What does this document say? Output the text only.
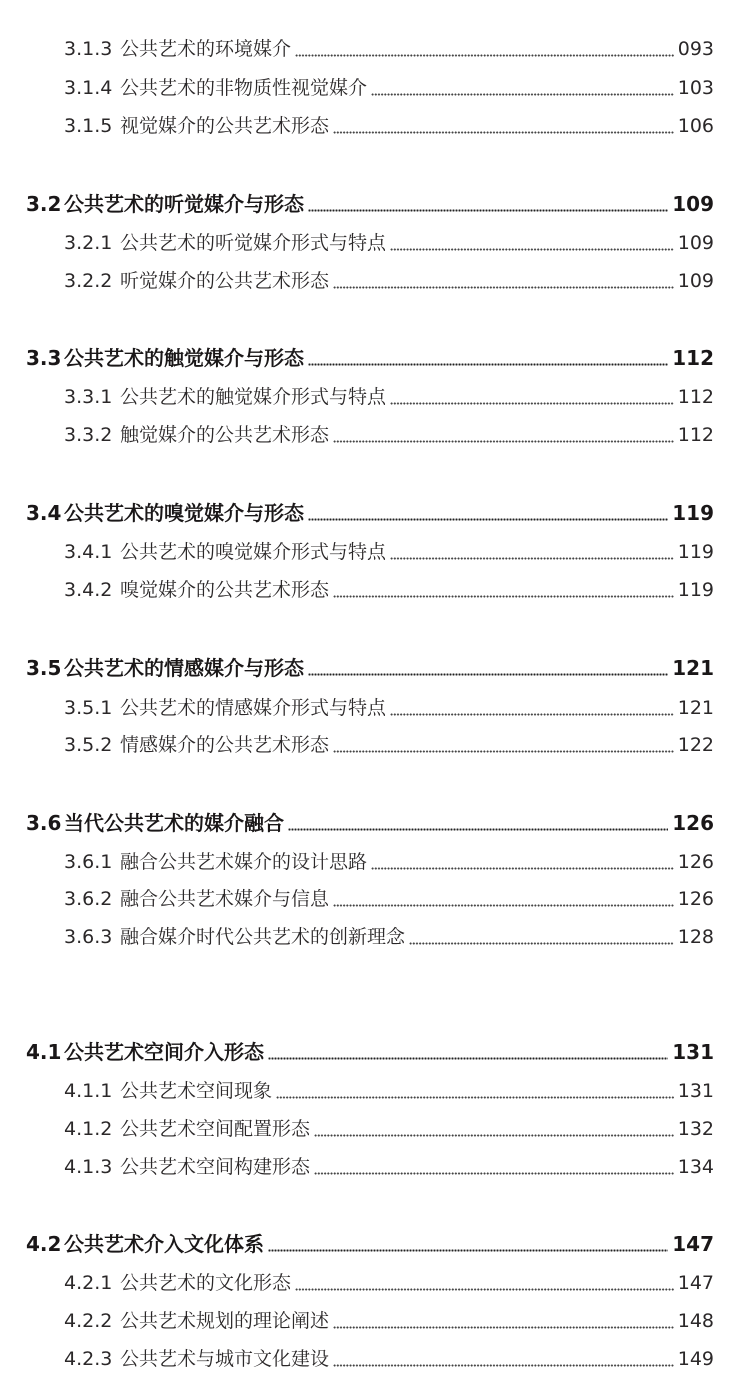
3.1.3 公共艺术的环境媒介	093
3.1.4 公共艺术的非物质性视觉媒介	103
3.1.5 视觉媒介的公共艺术形态	106
3.2 公共艺术的听觉媒介与形态	109
3.2.1 公共艺术的听觉媒介形式与特点	109
3.2.2 听觉媒介的公共艺术形态	109
3.3 公共艺术的触觉媒介与形态	112
3.3.1 公共艺术的触觉媒介形式与特点	112
3.3.2 触觉媒介的公共艺术形态	112
3.4 公共艺术的嗅觉媒介与形态	119
3.4.1 公共艺术的嗅觉媒介形式与特点	119
3.4.2 嗅觉媒介的公共艺术形态	119
3.5 公共艺术的情感媒介与形态	121
3.5.1 公共艺术的情感媒介形式与特点	121
3.5.2 情感媒介的公共艺术形态	122
3.6 当代公共艺术的媒介融合	126
3.6.1 融合公共艺术媒介的设计思路	126
3.6.2 融合公共艺术媒介与信息	126
3.6.3 融合媒介时代公共艺术的创新理念	128
4.1 公共艺术空间介入形态	131
4.1.1 公共艺术空间现象	131
4.1.2 公共艺术空间配置形态	132
4.1.3 公共艺术空间构建形态	134
4.2 公共艺术介入文化体系	147
4.2.1 公共艺术的文化形态	147
4.2.2 公共艺术规划的理论阐述	148
4.2.3 公共艺术与城市文化建设	149
